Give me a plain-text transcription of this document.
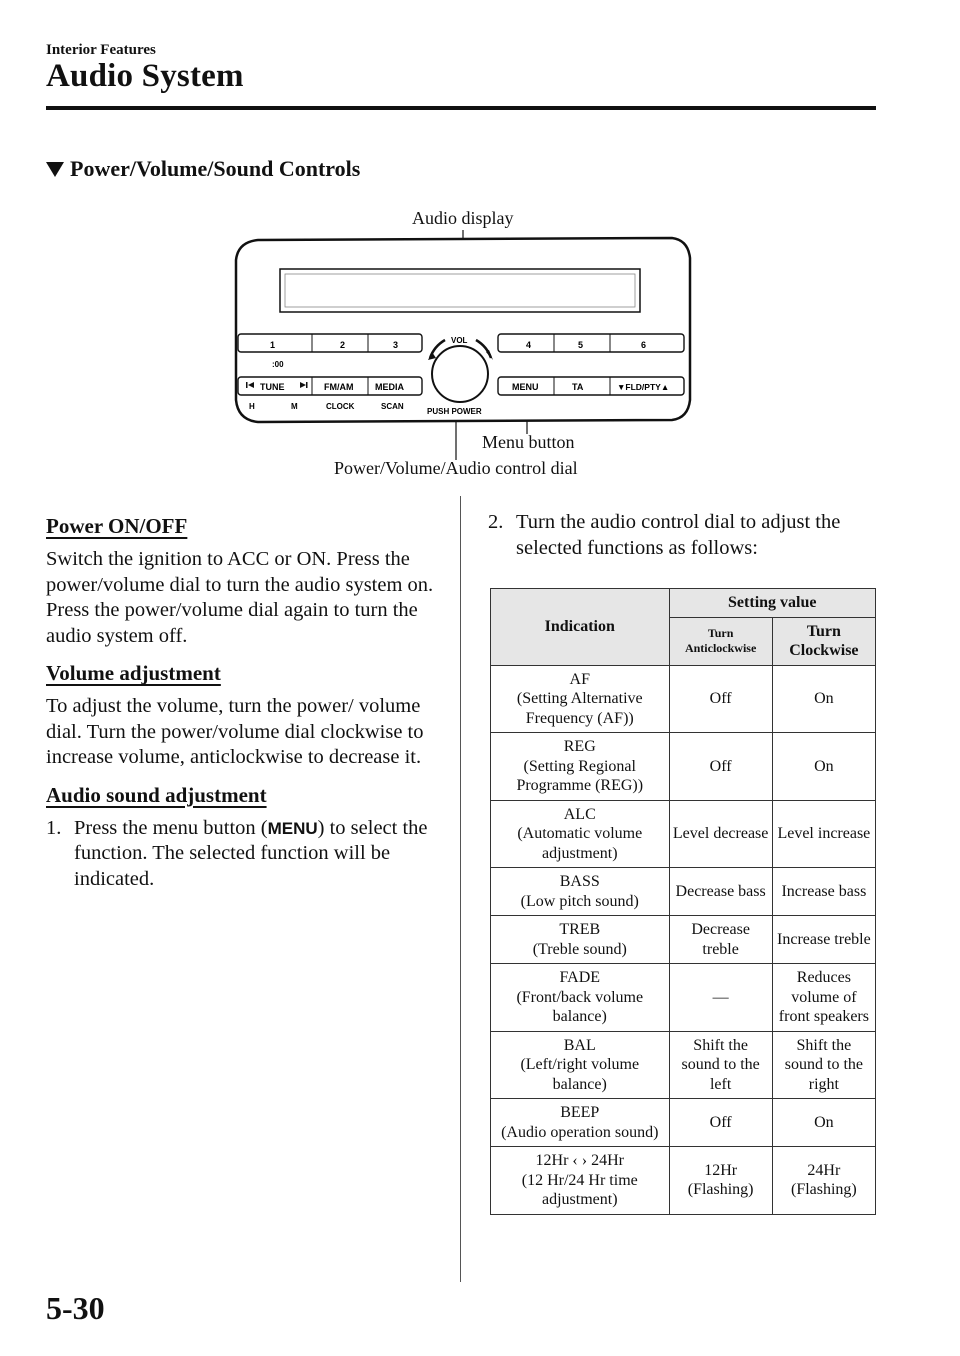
Interior Features
Audio System
Power/Volume/Sound Controls
Audio display
Menu button
Power/Volume/Audio control dial
1	2	3	4	5	6
:00
TUNE	FM/AM MEDIA	MENU	TA	▼FLD/PTY▲
H	M	CLOCK	SCAN
VOL
PUSH POWER
Power ON/OFF
Switch the ignition to ACC or ON. Press the power/volume dial to turn the audio system on. Press the power/volume dial again to turn the audio system off.
Volume adjustment
To adjust the volume, turn the power/ volume dial. Turn the power/volume dial clockwise to increase volume, anticlockwise to decrease it.
Audio sound adjustment
1. Press the menu button (MENU) to select the function. The selected function will be indicated.
2. Turn the audio control dial to adjust the selected functions as follows:
Indication	Setting value	
	Turn Anticlockwise	Turn Clockwise

AF
(Setting Alternative Frequency (AF))	Off	On

REG
(Setting Regional Programme (REG))	Off	On

ALC
(Automatic volume adjustment)	Level decrease	Level increase

BASS
(Low pitch sound)	Decrease bass	Increase bass

TREB
(Treble sound)	Decrease treble	Increase treble

FADE
(Front/back volume balance)	—	Reduces volume of front speakers

BAL
(Left/right volume balance)	Shift the sound to the left	Shift the sound to the right

BEEP
(Audio operation sound)	Off	On

12Hr ‹ › 24Hr
(12 Hr/24 Hr time adjustment)	12Hr (Flashing)	24Hr (Flashing)
5-30
